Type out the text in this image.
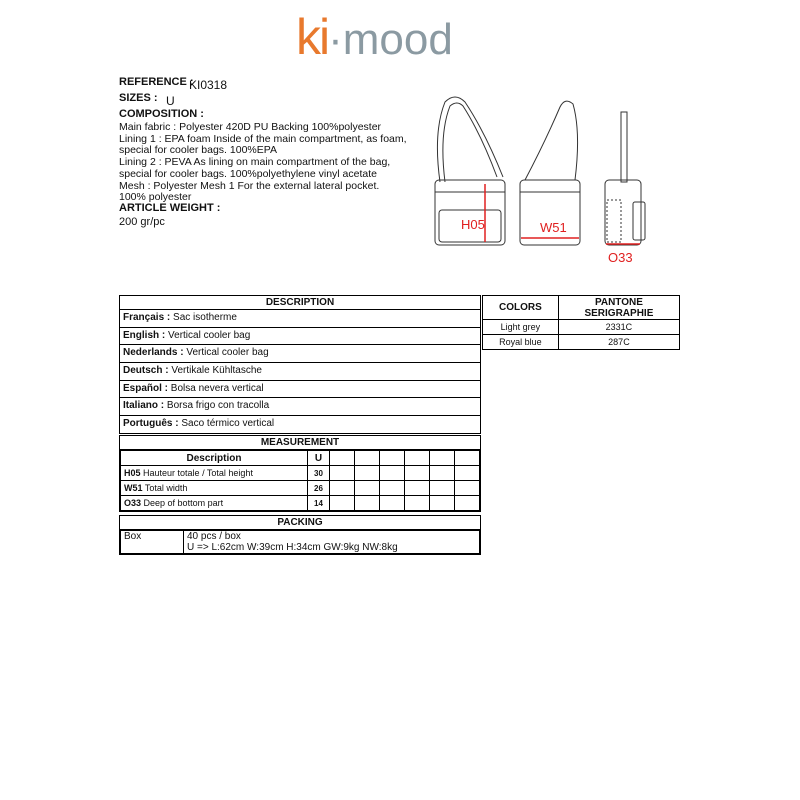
ki·mood
REFERENCE :
KI0318
SIZES : U
COMPOSITION :
Main fabric : Polyester 420D PU Backing 100%polyester
Lining 1 : EPA foam Inside of the main compartment, as foam, special for cooler bags. 100%EPA
Lining 2 : PEVA As lining on main compartment of the bag, special for cooler bags. 100%polyethylene vinyl acetate
Mesh : Polyester Mesh 1 For the external lateral pocket. 100% polyester
ARTICLE WEIGHT :
200 gr/pc	H05	W51
O33
DESCRIPTION
Français : Sac isotherme
English : Vertical cooler bag
Nederlands : Vertical cooler bag
Deutsch : Vertikale Kühltasche
Español : Bolsa nevera vertical
Italiano : Borsa frigo con tracolla
Português : Saco térmico vertical
COLORS	PANTONE
SERIGRAPHIE
Light grey	2331C
Royal blue	287C
MEASUREMENT
Description	U						
H05 Hauteur totale / Total height	30						
W51 Total width	26						
O33 Deep of bottom part	14						
PACKING
Box	40 pcs / box
U => L:62cm W:39cm H:34cm GW:9kg NW:8kg
